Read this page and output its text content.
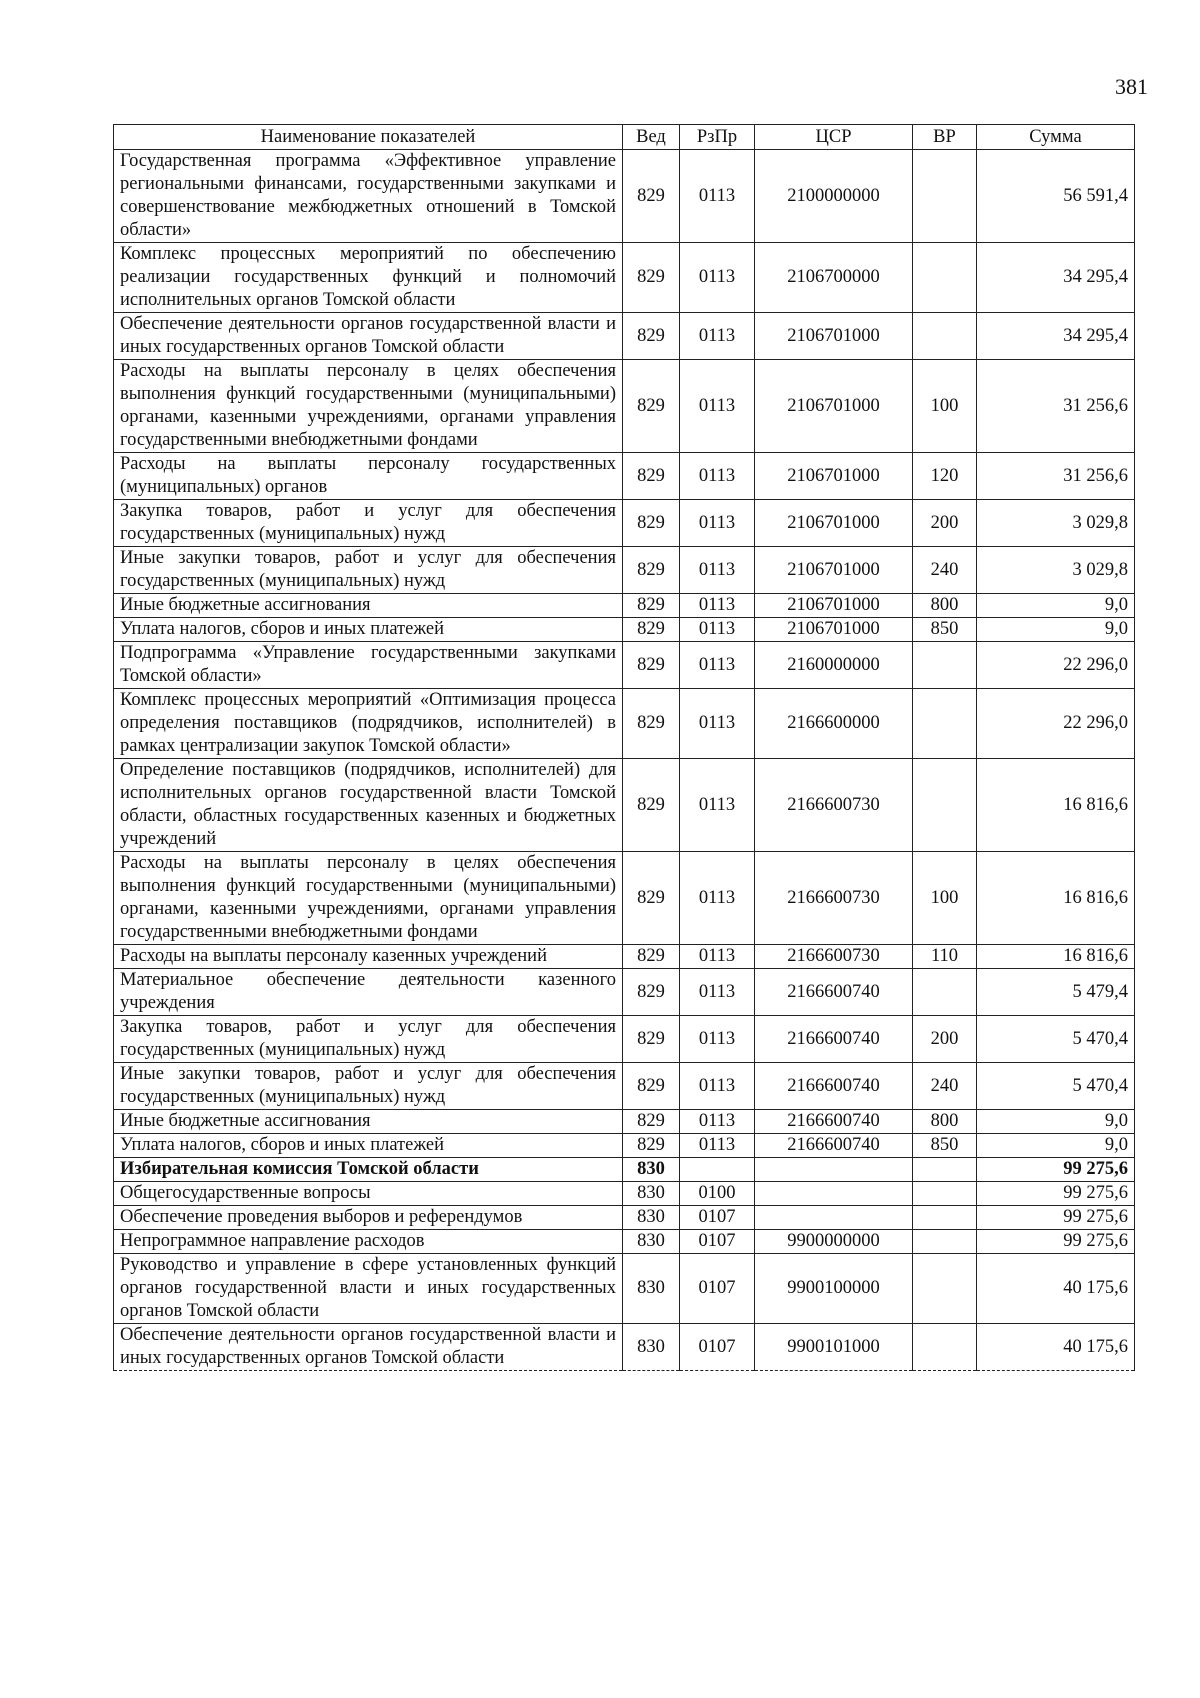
381
Наименование показателей	Вед	РзПр	ЦСР	ВР	Сумма
Государственная программа «Эффективное управление региональными финансами, государственными закупками и совершенствование межбюджетных отношений в Томской области»	829	0113	2100000000		56 591,4
Комплекс процессных мероприятий по обеспечению реализации государственных функций и полномочий исполнительных органов Томской области	829	0113	2106700000		34 295,4
Обеспечение деятельности органов государственной власти и иных государственных органов Томской области	829	0113	2106701000		34 295,4
Расходы на выплаты персоналу в целях обеспечения выполнения функций государственными (муниципальными) органами, казенными учреждениями, органами управления государственными внебюджетными фондами	829	0113	2106701000	100	31 256,6
Расходы на выплаты персоналу государственных (муниципальных) органов	829	0113	2106701000	120	31 256,6
Закупка товаров, работ и услуг для обеспечения государственных (муниципальных) нужд	829	0113	2106701000	200	3 029,8
Иные закупки товаров, работ и услуг для обеспечения государственных (муниципальных) нужд	829	0113	2106701000	240	3 029,8
Иные бюджетные ассигнования	829	0113	2106701000	800	9,0
Уплата налогов, сборов и иных платежей	829	0113	2106701000	850	9,0
Подпрограмма «Управление государственными закупками Томской области»	829	0113	2160000000		22 296,0
Комплекс процессных мероприятий «Оптимизация процесса определения поставщиков (подрядчиков, исполнителей) в рамках централизации закупок Томской области»	829	0113	2166600000		22 296,0
Определение поставщиков (подрядчиков, исполнителей) для исполнительных органов государственной власти Томской области, областных государственных казенных и бюджетных учреждений	829	0113	2166600730		16 816,6
Расходы на выплаты персоналу в целях обеспечения выполнения функций государственными (муниципальными) органами, казенными учреждениями, органами управления государственными внебюджетными фондами	829	0113	2166600730	100	16 816,6
Расходы на выплаты персоналу казенных учреждений	829	0113	2166600730	110	16 816,6
Материальное обеспечение деятельности казенного учреждения	829	0113	2166600740		5 479,4
Закупка товаров, работ и услуг для обеспечения государственных (муниципальных) нужд	829	0113	2166600740	200	5 470,4
Иные закупки товаров, работ и услуг для обеспечения государственных (муниципальных) нужд	829	0113	2166600740	240	5 470,4
Иные бюджетные ассигнования	829	0113	2166600740	800	9,0
Уплата налогов, сборов и иных платежей	829	0113	2166600740	850	9,0
Избирательная комиссия Томской области	830				99 275,6
Общегосударственные вопросы	830	0100			99 275,6
Обеспечение проведения выборов и референдумов	830	0107			99 275,6
Непрограммное направление расходов	830	0107	9900000000		99 275,6
Руководство и управление в сфере установленных функций органов государственной власти и иных государственных органов Томской области	830	0107	9900100000		40 175,6
Обеспечение деятельности органов государственной власти и иных государственных органов Томской области	830	0107	9900101000		40 175,6
